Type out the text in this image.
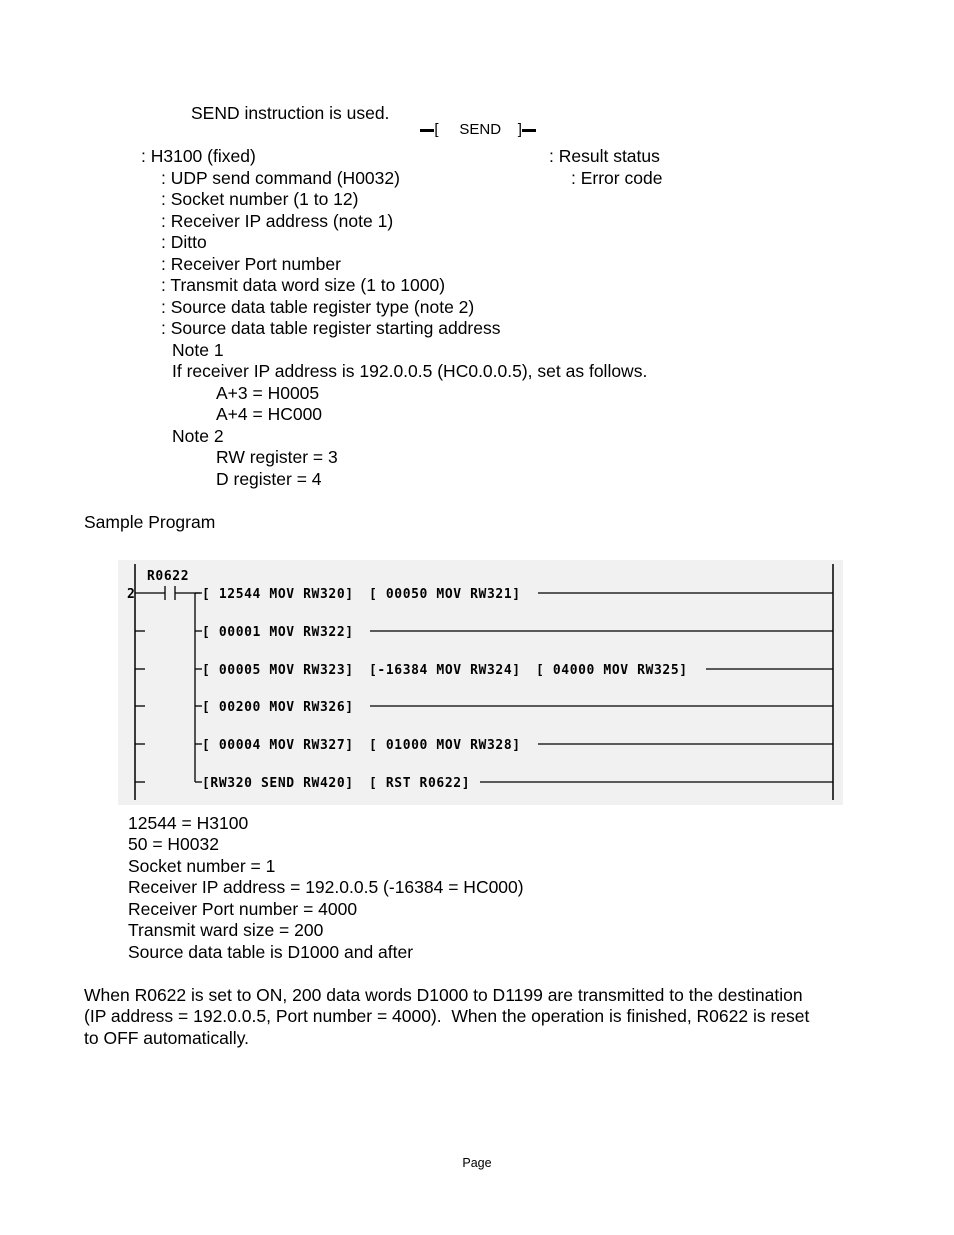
SEND instruction is used.

[ SEND ]

: H3100 (fixed)	: Result status
: UDP send command (H0032)	: Error code
: Socket number (1 to 12)
: Receiver IP address (note 1)
: Ditto
: Receiver Port number
: Transmit data word size (1 to 1000)
: Source data table register type (note 2)
: Source data table register starting address
Note 1
If receiver IP address is 192.0.0.5 (HC0.0.0.5), set as follows.
A+3 = H0005
A+4 = HC000
Note 2
RW register = 3
D register = 4
Sample Program
2
R0622
[ 12544 MOV RW320] [ 00050 MOV RW321]
[ 00001 MOV RW322]
[ 00005 MOV RW323] [-16384 MOV RW324] [ 04000 MOV RW325]
[ 00200 MOV RW326]
[ 00004 MOV RW327] [ 01000 MOV RW328]
[RW320 SEND RW420] [ RST R0622]
12544 = H3100
50 = H0032
Socket number = 1
Receiver IP address = 192.0.0.5 (-16384 = HC000)
Receiver Port number = 4000
Transmit ward size = 200
Source data table is D1000 and after
When R0622 is set to ON, 200 data words D1000 to D1199 are transmitted to the destination
(IP address = 192.0.0.5, Port number = 4000).  When the operation is finished, R0622 is reset
to OFF automatically.
Page
